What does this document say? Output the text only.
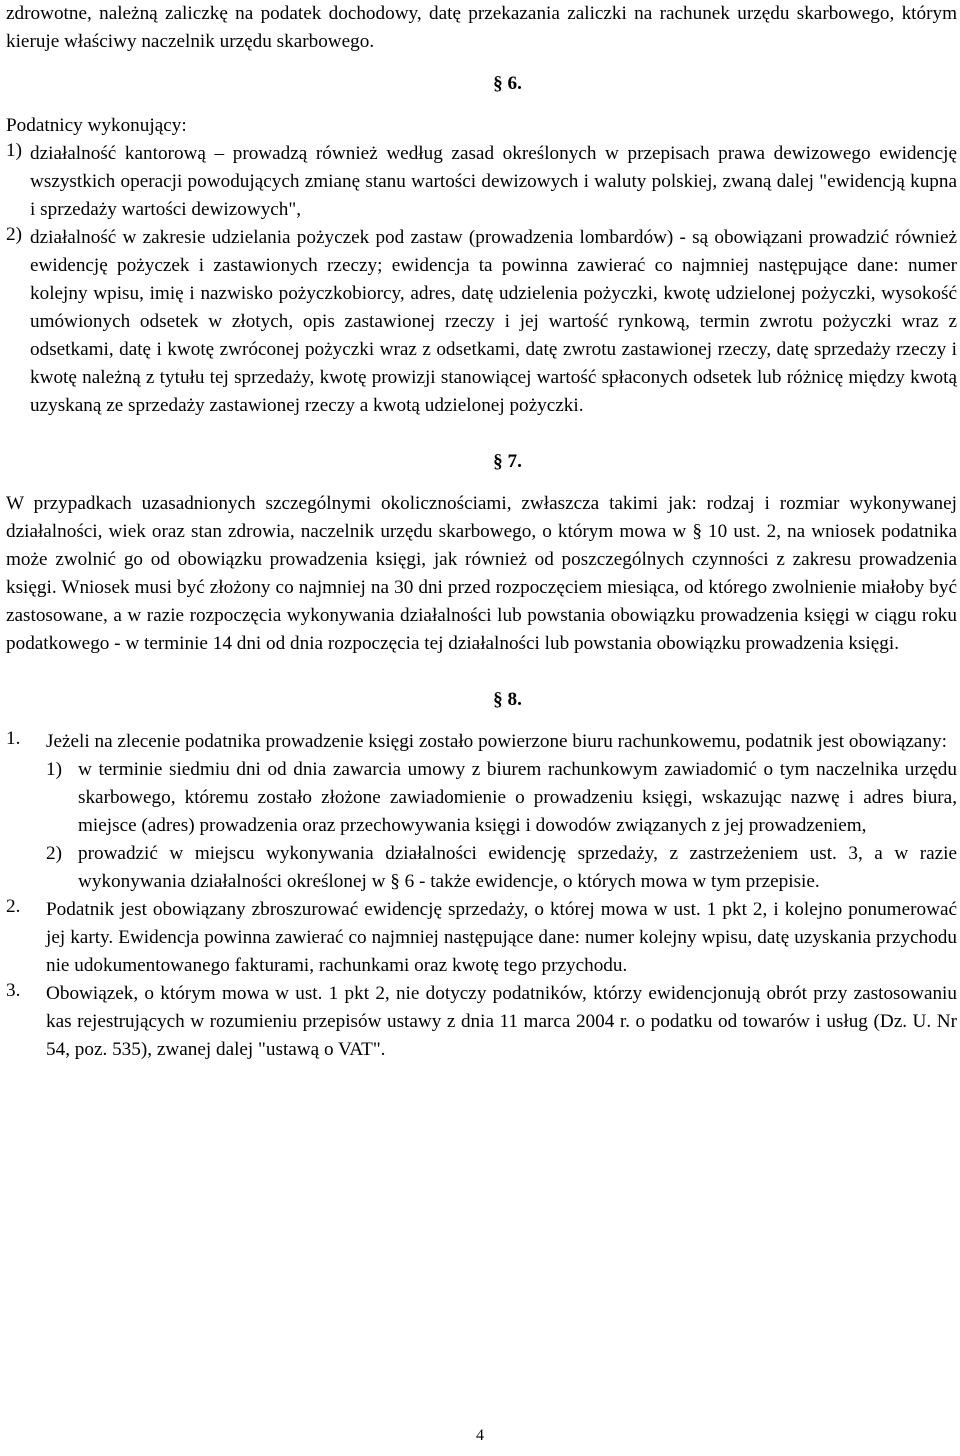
zdrowotne, należną zaliczkę na podatek dochodowy, datę przekazania zaliczki na rachunek urzędu skarbowego, którym kieruje właściwy naczelnik urzędu skarbowego.

§ 6.

Podatnicy wykonujący:

1) działalność kantorową – prowadzą również według zasad określonych w przepisach prawa dewizowego ewidencję wszystkich operacji powodujących zmianę stanu wartości dewizowych i waluty polskiej, zwaną dalej "ewidencją kupna i sprzedaży wartości dewizowych",
2) działalność w zakresie udzielania pożyczek pod zastaw (prowadzenia lombardów) - są obowiązani prowadzić również ewidencję pożyczek i zastawionych rzeczy; ewidencja ta powinna zawierać co najmniej następujące dane: numer kolejny wpisu, imię i nazwisko pożyczkobiorcy, adres, datę udzielenia pożyczki, kwotę udzielonej pożyczki, wysokość umówionych odsetek w złotych, opis zastawionej rzeczy i jej wartość rynkową, termin zwrotu pożyczki wraz z odsetkami, datę i kwotę zwróconej pożyczki wraz z odsetkami, datę zwrotu zastawionej rzeczy, datę sprzedaży rzeczy i kwotę należną z tytułu tej sprzedaży, kwotę prowizji stanowiącej wartość spłaconych odsetek lub różnicę między kwotą uzyskaną ze sprzedaży zastawionej rzeczy a kwotą udzielonej pożyczki.

§ 7.

W przypadkach uzasadnionych szczególnymi okolicznościami, zwłaszcza takimi jak: rodzaj i rozmiar wykonywanej działalności, wiek oraz stan zdrowia, naczelnik urzędu skarbowego, o którym mowa w § 10 ust. 2, na wniosek podatnika może zwolnić go od obowiązku prowadzenia księgi, jak również od poszczególnych czynności z zakresu prowadzenia księgi. Wniosek musi być złożony co najmniej na 30 dni przed rozpoczęciem miesiąca, od którego zwolnienie miałoby być zastosowane, a w razie rozpoczęcia wykonywania działalności lub powstania obowiązku prowadzenia księgi w ciągu roku podatkowego - w terminie 14 dni od dnia rozpoczęcia tej działalności lub powstania obowiązku prowadzenia księgi.

§ 8.

1.	Jeżeli na zlecenie podatnika prowadzenie księgi zostało powierzone biuru rachunkowemu, podatnik jest obowiązany:
1) w terminie siedmiu dni od dnia zawarcia umowy z biurem rachunkowym zawiadomić o tym naczelnika urzędu skarbowego, któremu zostało złożone zawiadomienie o prowadzeniu księgi, wskazując nazwę i adres biura, miejsce (adres) prowadzenia oraz przechowywania księgi i dowodów związanych z jej prowadzeniem,
2) prowadzić w miejscu wykonywania działalności ewidencję sprzedaży, z zastrzeżeniem ust. 3, a w razie wykonywania działalności określonej w § 6 - także ewidencje, o których mowa w tym przepisie.
2.	Podatnik jest obowiązany zbroszurować ewidencję sprzedaży, o której mowa w ust. 1 pkt 2, i kolejno ponumerować jej karty. Ewidencja powinna zawierać co najmniej następujące dane: numer kolejny wpisu, datę uzyskania przychodu nie udokumentowanego fakturami, rachunkami oraz kwotę tego przychodu.
3.	Obowiązek, o którym mowa w ust. 1 pkt 2, nie dotyczy podatników, którzy ewidencjonują obrót przy zastosowaniu kas rejestrujących w rozumieniu przepisów ustawy z dnia 11 marca 2004 r. o podatku od towarów i usług (Dz. U. Nr 54, poz. 535), zwanej dalej "ustawą o VAT".
4
